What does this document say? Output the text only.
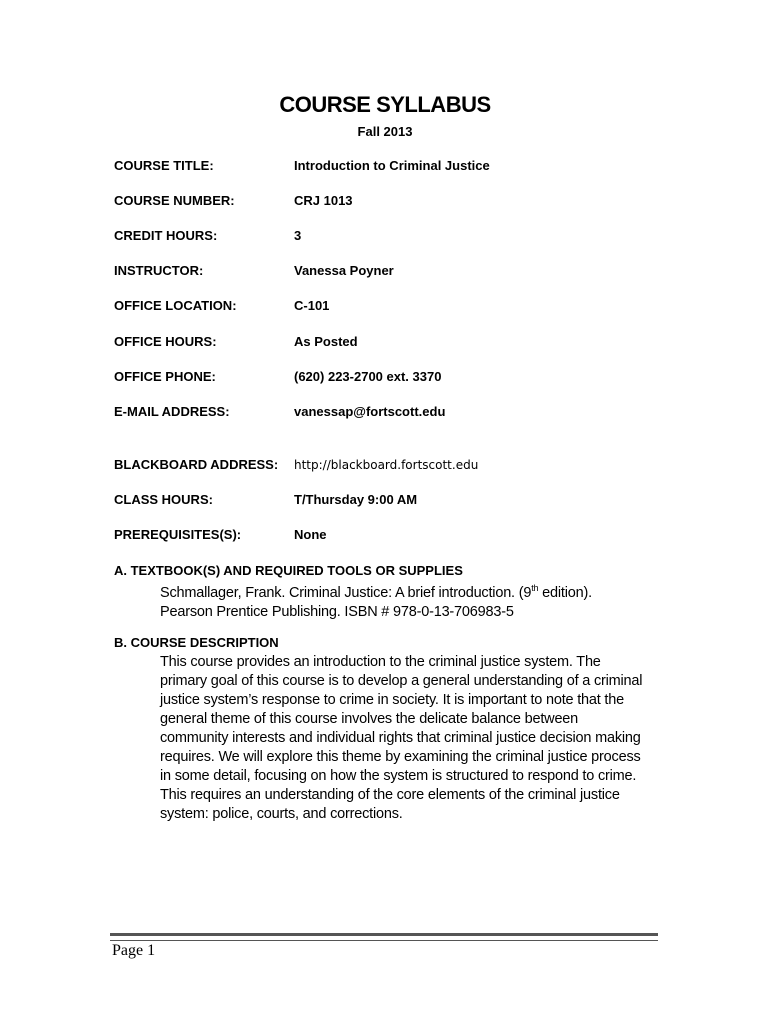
COURSE SYLLABUS
Fall 2013
COURSE TITLE:	Introduction to Criminal Justice
COURSE NUMBER:	CRJ 1013
CREDIT HOURS:	3
INSTRUCTOR:	Vanessa Poyner
OFFICE LOCATION:	C-101
OFFICE HOURS:	As Posted
OFFICE PHONE:	(620) 223-2700 ext. 3370
E-MAIL ADDRESS:	vanessap@fortscott.edu
BLACKBOARD ADDRESS: http://blackboard.fortscott.edu
CLASS HOURS:	T/Thursday 9:00 AM
PREREQUISITES(S):	None
A. TEXTBOOK(S) AND REQUIRED TOOLS OR SUPPLIES

Schmallager, Frank. Criminal Justice: A brief introduction. (9th edition).

Pearson Prentice Publishing. ISBN # 978-0-13-706983-5

B. COURSE DESCRIPTION

This course provides an introduction to the criminal justice system. The primary goal of this course is to develop a general understanding of a criminal justice system’s response to crime in society. It is important to note that the general theme of this course involves the delicate balance between community interests and individual rights that criminal justice decision making requires. We will explore this theme by examining the criminal justice process in some detail, focusing on how the system is structured to respond to crime. This requires an understanding of the core elements of the criminal justice system: police, courts, and corrections.

Page 1
